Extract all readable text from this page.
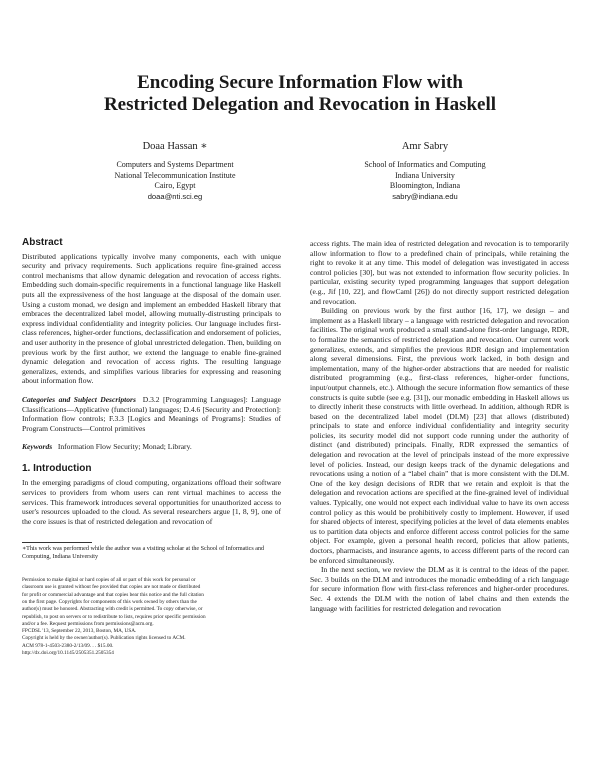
Encoding Secure Information Flow with
Restricted Delegation and Revocation in Haskell
Doaa Hassan ∗
Computers and Systems Department
National Telecommunication Institute
Cairo, Egypt
doaa@nti.sci.eg
Amr Sabry
School of Informatics and Computing
Indiana University
Bloomington, Indiana
sabry@indiana.edu
Abstract

Distributed applications typically involve many components, each with unique security and privacy requirements. Such applications require fine-grained access control mechanisms that allow dynamic delegation and revocation of access rights. Embedding such domain-specific requirements in a functional language like Haskell puts all the expressiveness of the host language at the disposal of the domain user. Using a custom monad, we design and implement an embedded Haskell library that embraces the decentralized label model, allowing mutually-distrusting principals to express individual confidentiality and integrity policies. Our language includes first-class references, higher-order functions, declassification and endorsement of policies, and user authority in the presence of global unrestricted delegation. Then, building on previous work by the first author, we extend the language to enable fine-grained dynamic delegation and revocation of access rights. The resulting language generalizes, extends, and simplifies various libraries for expressing and reasoning about information flow.

Categories and Subject Descriptors D.3.2 [Programming Languages]: Language Classifications—Applicative (functional) languages; D.4.6 [Security and Protection]: Information flow controls; F.3.3 [Logics and Meanings of Programs]: Studies of Program Constructs—Control primitives

Keywords Information Flow Security; Monad; Library.

1. Introduction

In the emerging paradigms of cloud computing, organizations offload their software services to providers from whom users can rent virtual machines to access the services. This framework introduces several opportunities for unauthorized access to user's resources uploaded to the cloud. As several researchers argue [1, 8, 9], one of the core issues is that of restricted delegation and revocation of

∗This work was performed while the author was a visiting scholar at the School of Informatics and Computing, Indiana University
Permission to make digital or hard copies of all or part of this work for personal or
classroom use is granted without fee provided that copies are not made or distributed
for profit or commercial advantage and that copies bear this notice and the full citation
on the first page. Copyrights for components of this work owned by others than the
author(s) must be honored. Abstracting with credit is permitted. To copy otherwise, or
republish, to post on servers or to redistribute to lists, requires prior specific permission
and/or a fee. Request permissions from permissions@acm.org.
FPCDSL '13, September 22, 2013, Boston, MA, USA.
Copyright is held by the owner/author(s). Publication rights licensed to ACM.
ACM 978-1-4503-2380-2/13/09. . . $15.00.
http://dx.doi.org/10.1145/2505351.2505354

access rights. The main idea of restricted delegation and revocation is to temporarily allow information to flow to a predefined chain of principals, while retaining the right to revoke it at any time. This model of delegation was investigated in access control policies [30], but was not extended to information flow security policies. In particular, existing security typed programming languages that support delegation (e.g., Jif [10, 22], and flowCaml [26]) do not directly support restricted delegation and revocation.

Building on previous work by the first author [16, 17], we design – and implement as a Haskell library – a language with restricted delegation and revocation facilities. The original work produced a small stand-alone first-order language, RDR, to formalize the semantics of restricted delegation and revocation. Our current work generalizes, extends, and simplifies the previous RDR design and implementation along several dimensions. First, the previous work lacked, in both design and implementation, many of the higher-order abstractions that are needed for realistic distributed programming (e.g., first-class references, higher-order functions, input/output channels, etc.). Although the secure information flow semantics of these constructs is quite subtle (see e.g. [31]), our monadic embedding in Haskell allows us to directly inherit these constructs with little overhead. In addition, although RDR is based on the decentralized label model (DLM) [23] that allows (distributed) principals to state and enforce individual confidentiality and integrity security policies, its security model did not support code running under the authority of distinct (and distributed) principals. Finally, RDR expressed the semantics of delegation and revocation at the level of principals instead of the more expressive level of policies. Instead, our design keeps track of the dynamic delegations and revocations using a notion of a “label chain” that is more consistent with the DLM. One of the key design decisions of RDR that we retain and exploit is that the delegation and revocation actions are specified at the fine-grained level of individual values. Typically, one would not expect each individual value to have its own access control policy as this would be prohibitively costly to implement. However, if used for shared objects of interest, specifying policies at the level of data elements enables us to partition data objects and enforce different access control policies for the same object. For example, given a personal health record, policies that allow patients, doctors, pharmacists, and insurance agents, to access different parts of the record can be enforced simultaneously.

In the next section, we review the DLM as it is central to the ideas of the paper. Sec. 3 builds on the DLM and introduces the monadic embedding of a rich language for secure information flow with first-class references and higher-order procedures. Sec. 4 extends the DLM with the notion of label chains and then extends the language with facilities for restricted delegation and revocation
